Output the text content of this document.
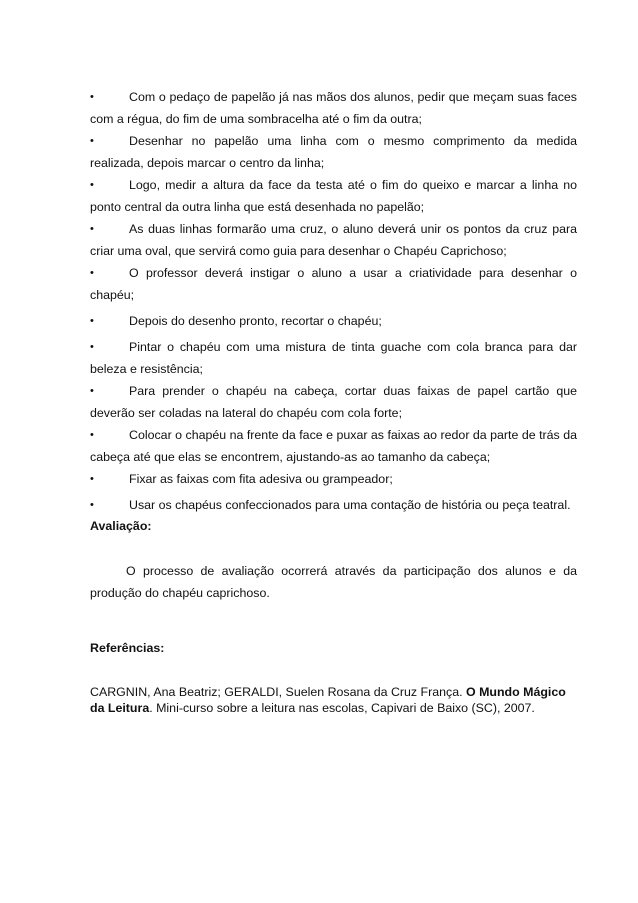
•	Com o pedaço de papelão já nas mãos dos alunos, pedir que meçam suas faces com a régua, do fim de uma sombracelha até o fim da outra;
•	Desenhar no papelão uma linha com o mesmo comprimento da medida realizada, depois marcar o centro da linha;
•	Logo, medir a altura da face da testa até o fim do queixo e marcar a linha no ponto central da outra linha que está desenhada no papelão;
•	As duas linhas formarão uma cruz, o aluno deverá unir os pontos da cruz para criar uma oval, que servirá como guia para desenhar o Chapéu Caprichoso;
•	O professor deverá instigar o aluno a usar a criatividade para desenhar o chapéu;
•	Depois do desenho pronto, recortar o chapéu;
•	Pintar o chapéu com uma mistura de tinta guache com cola branca para dar beleza e resistência;
•	Para prender o chapéu na cabeça, cortar duas faixas de papel cartão que deverão ser coladas na lateral do chapéu com cola forte;
•	Colocar o chapéu na frente da face e puxar as faixas ao redor da parte de trás da cabeça até que elas se encontrem, ajustando-as ao tamanho da cabeça;
•	Fixar as faixas com fita adesiva ou grampeador;
•	Usar os chapéus confeccionados para uma contação de história ou peça teatral.
Avaliação:

O processo de avaliação ocorrerá através da participação dos alunos e da produção do chapéu caprichoso.

Referências:

CARGNIN, Ana Beatriz; GERALDI, Suelen Rosana da Cruz França. O Mundo Mágico da Leitura. Mini-curso sobre a leitura nas escolas, Capivari de Baixo (SC), 2007.
